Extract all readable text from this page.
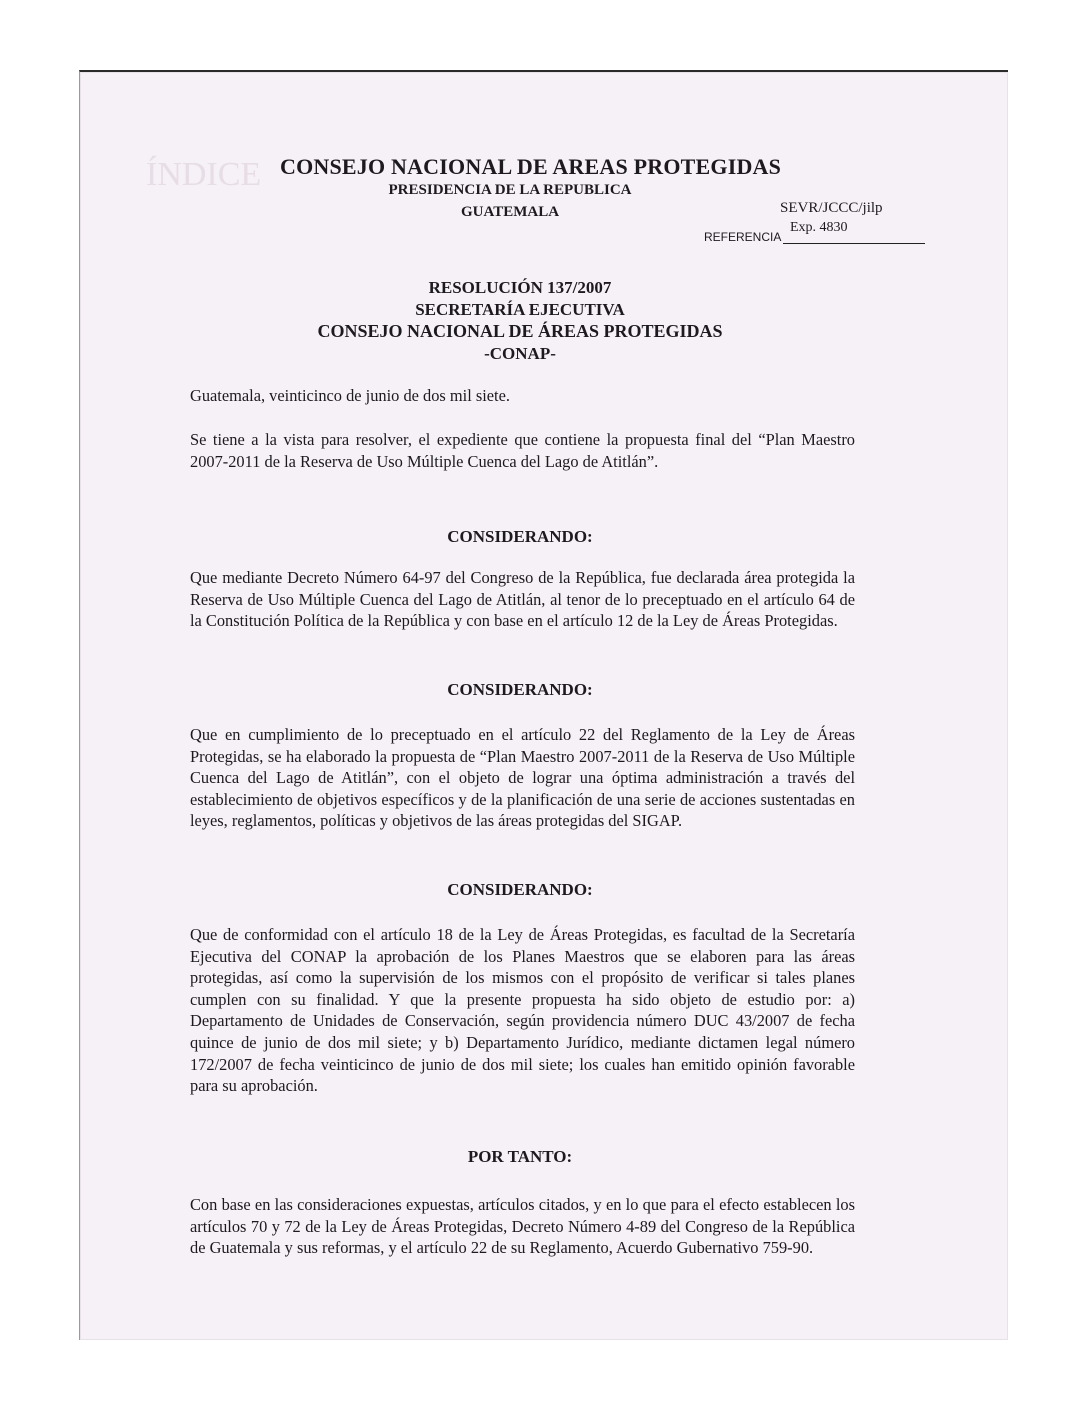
ÍNDICE CONSEJO NACIONAL DE AREAS PROTEGIDAS
PRESIDENCIA DE LA REPUBLICA
GUATEMALA	SEVR/JCCC/jilp
Exp. 4830
REFERENCIA
RESOLUCIÓN 137/2007
SECRETARÍA EJECUTIVA
CONSEJO NACIONAL DE ÁREAS PROTEGIDAS
-CONAP-
Guatemala, veinticinco de junio de dos mil siete.
Se tiene a la vista para resolver, el expediente que contiene la propuesta final del “Plan Maestro 2007-2011 de la Reserva de Uso Múltiple Cuenca del Lago de Atitlán”.
CONSIDERANDO:
Que mediante Decreto Número 64-97 del Congreso de la República, fue declarada área protegida la Reserva de Uso Múltiple Cuenca del Lago de Atitlán, al tenor de lo preceptuado en el artículo 64 de la Constitución Política de la República y con base en el artículo 12 de la Ley de Áreas Protegidas.
CONSIDERANDO:
Que en cumplimiento de lo preceptuado en el artículo 22 del Reglamento de la Ley de Áreas Protegidas, se ha elaborado la propuesta de “Plan Maestro 2007-2011 de la Reserva de Uso Múltiple Cuenca del Lago de Atitlán”, con el objeto de lograr una óptima administración a través del establecimiento de objetivos específicos y de la planificación de una serie de acciones sustentadas en leyes, reglamentos, políticas y objetivos de las áreas protegidas del SIGAP.
CONSIDERANDO:
Que de conformidad con el artículo 18 de la Ley de Áreas Protegidas, es facultad de la Secretaría Ejecutiva del CONAP la aprobación de los Planes Maestros que se elaboren para las áreas protegidas, así como la supervisión de los mismos con el propósito de verificar si tales planes cumplen con su finalidad. Y que la presente propuesta ha sido objeto de estudio por: a) Departamento de Unidades de Conservación, según providencia número DUC 43/2007 de fecha quince de junio de dos mil siete; y b) Departamento Jurídico, mediante dictamen legal número 172/2007 de fecha veinticinco de junio de dos mil siete; los cuales han emitido opinión favorable para su aprobación.
POR TANTO:
Con base en las consideraciones expuestas, artículos citados, y en lo que para el efecto establecen los artículos 70 y 72 de la Ley de Áreas Protegidas, Decreto Número 4-89 del Congreso de la República de Guatemala y sus reformas, y el artículo 22 de su Reglamento, Acuerdo Gubernativo 759-90.
